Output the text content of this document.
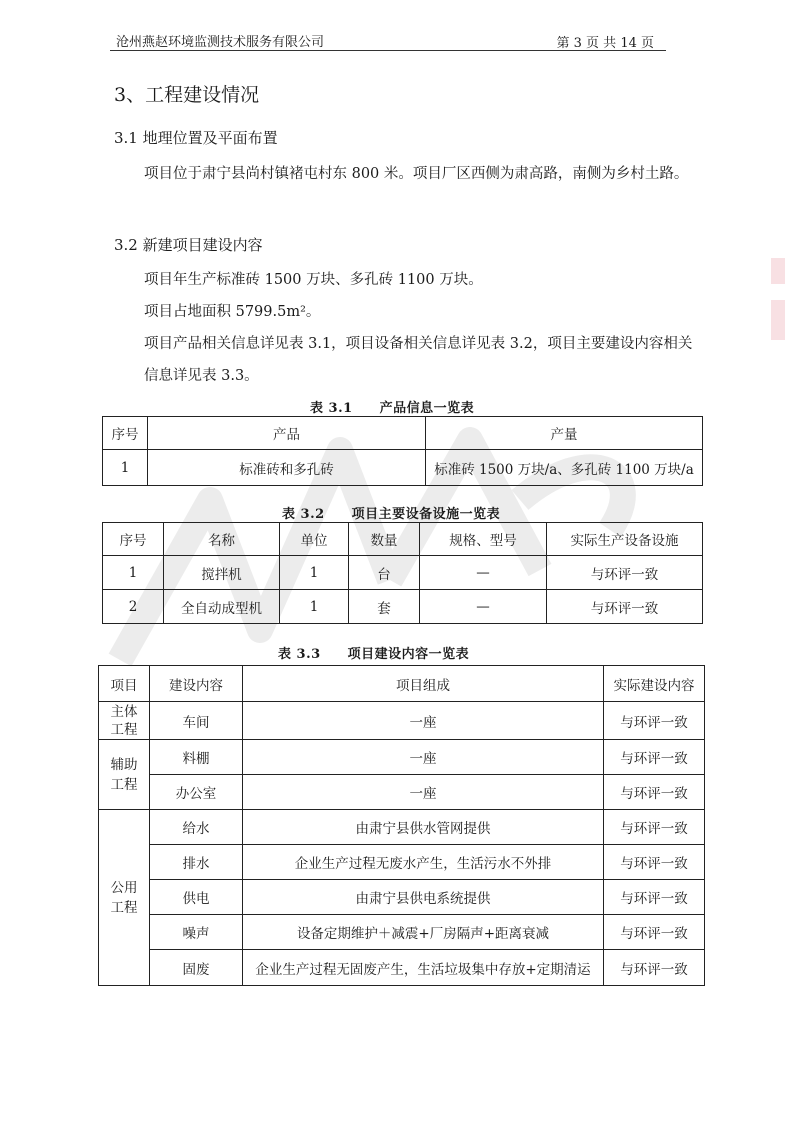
沧州燕赵环境监测技术服务有限公司	第 3 页 共 14 页
3、工程建设情况
3.1 地理位置及平面布置
项目位于肃宁县尚村镇褚屯村东 800 米。项目厂区西侧为肃高路，南侧为乡村土路。
3.2 新建项目建设内容
项目年生产标准砖 1500 万块、多孔砖 1100 万块。
项目占地面积 5799.5m²。
项目产品相关信息详见表 3.1，项目设备相关信息详见表 3.2，项目主要建设内容相关信息详见表 3.3。
表 3.1　　产品信息一览表
序号	产品	产量
1	标准砖和多孔砖	标准砖 1500 万块/a、多孔砖 1100 万块/a
表 3.2　　项目主要设备设施一览表
序号	名称	单位	数量	规格、型号	实际生产设备设施
1	搅拌机	1	台	—	与环评一致
2	全自动成型机	1	套	—	与环评一致
表 3.3　　项目建设内容一览表
项目	建设内容	项目组成	实际建设内容
主体工程	车间	一座	与环评一致
辅助工程	料棚	一座	与环评一致
	办公室	一座	与环评一致
公用工程	给水	由肃宁县供水管网提供	与环评一致
	排水	企业生产过程无废水产生，生活污水不外排	与环评一致
	供电	由肃宁县供电系统提供	与环评一致
	噪声	设备定期维护＋减震+厂房隔声+距离衰减	与环评一致
	固废	企业生产过程无固废产生，生活垃圾集中存放+定期清运	与环评一致
